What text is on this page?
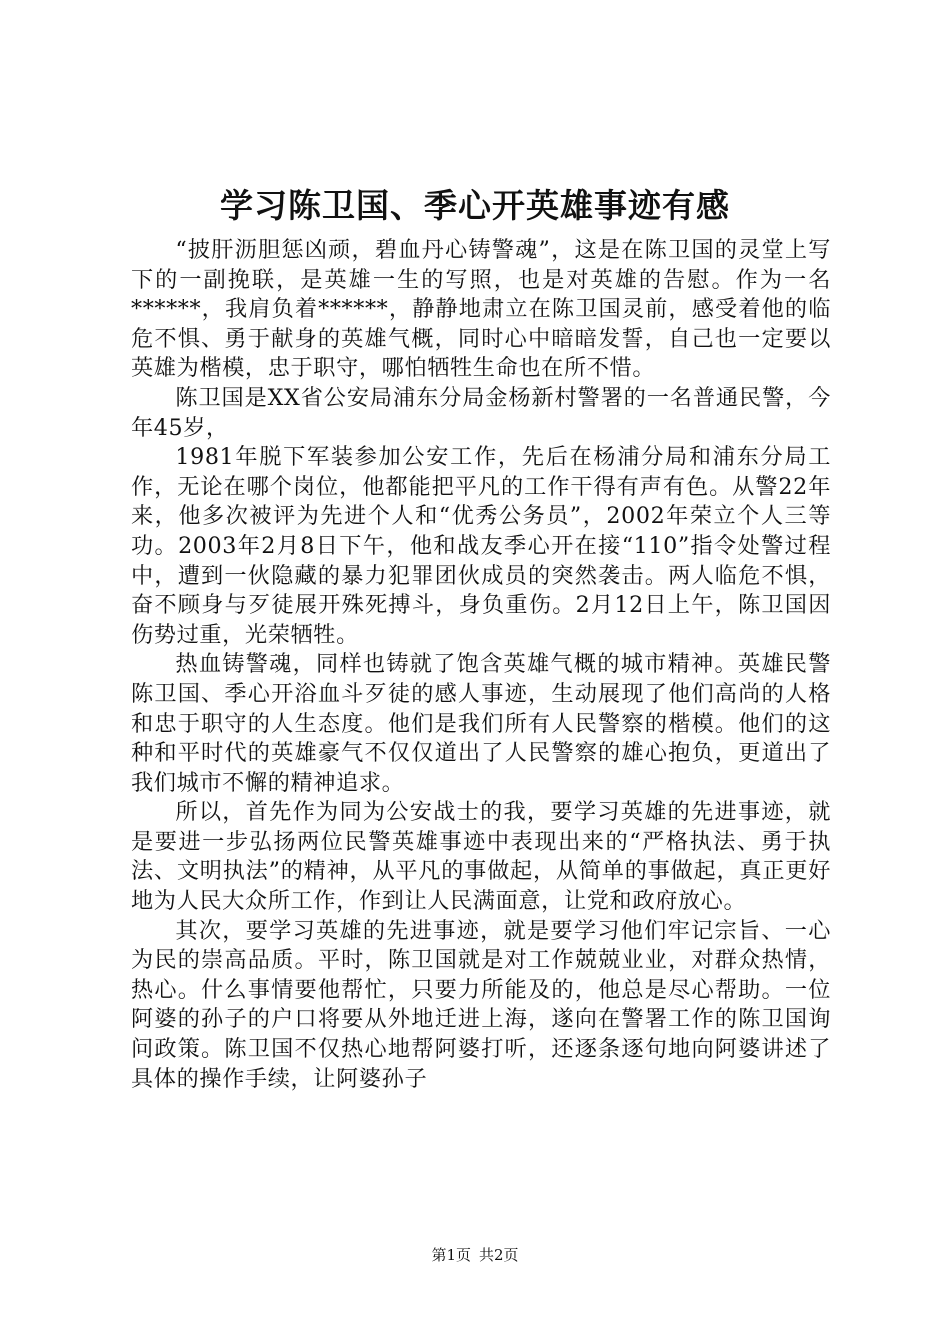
学习陈卫国、季心开英雄事迹有感

“披肝沥胆惩凶顽，碧血丹心铸警魂”，这是在陈卫国的灵堂上写下的一副挽联，是英雄一生的写照，也是对英雄的告慰。作为一名******，我肩负着******，静静地肃立在陈卫国灵前，感受着他的临危不惧、勇于献身的英雄气概，同时心中暗暗发誓，自己也一定要以英雄为楷模，忠于职守，哪怕牺牲生命也在所不惜。

陈卫国是XX省公安局浦东分局金杨新村警署的一名普通民警，今年45岁，

1981年脱下军装参加公安工作，先后在杨浦分局和浦东分局工作，无论在哪个岗位，他都能把平凡的工作干得有声有色。从警22年来，他多次被评为先进个人和“优秀公务员”，2002年荣立个人三等功。2003年2月8日下午，他和战友季心开在接“110”指令处警过程中，遭到一伙隐藏的暴力犯罪团伙成员的突然袭击。两人临危不惧，奋不顾身与歹徒展开殊死搏斗，身负重伤。2月12日上午，陈卫国因伤势过重，光荣牺牲。

热血铸警魂，同样也铸就了饱含英雄气概的城市精神。英雄民警陈卫国、季心开浴血斗歹徒的感人事迹，生动展现了他们高尚的人格和忠于职守的人生态度。他们是我们所有人民警察的楷模。他们的这种和平时代的英雄豪气不仅仅道出了人民警察的雄心抱负，更道出了我们城市不懈的精神追求。

所以，首先作为同为公安战士的我，要学习英雄的先进事迹，就是要进一步弘扬两位民警英雄事迹中表现出来的“严格执法、勇于执法、文明执法”的精神，从平凡的事做起，从简单的事做起，真正更好地为人民大众所工作，作到让人民满面意，让党和政府放心。

其次，要学习英雄的先进事迹，就是要学习他们牢记宗旨、一心为民的崇高品质。平时，陈卫国就是对工作兢兢业业，对群众热情，热心。什么事情要他帮忙，只要力所能及的，他总是尽心帮助。一位阿婆的孙子的户口将要从外地迁进上海，遂向在警署工作的陈卫国询问政策。陈卫国不仅热心地帮阿婆打听，还逐条逐句地向阿婆讲述了具体的操作手续，让阿婆孙子

第1页 共2页
